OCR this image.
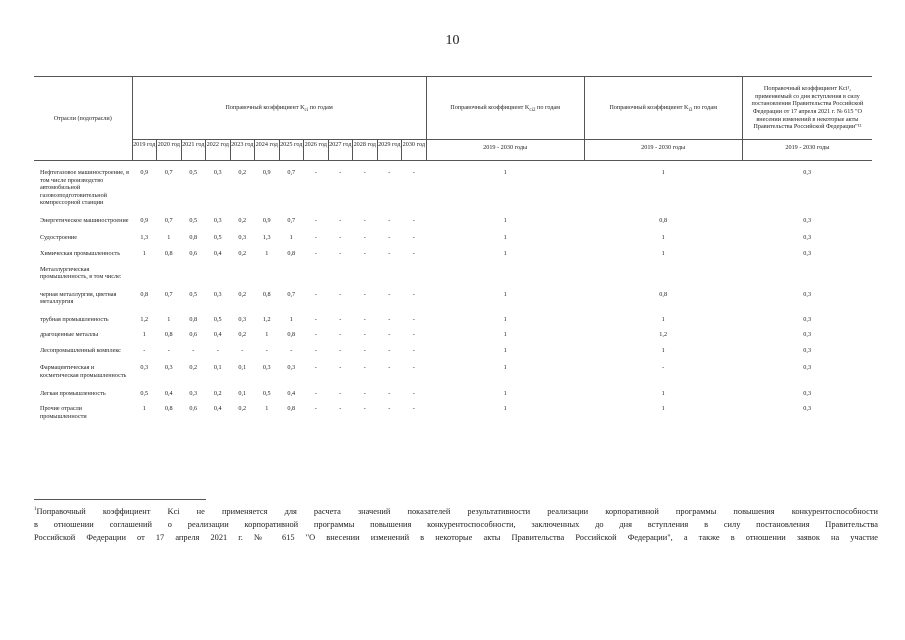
10
Отрасли (подотрасли)	Поправочный коэффициент $K_{ci}$ по годам												Поправочный коэффициент $K_{ci2}$ по годам	Поправочный коэффициент $K_{i3}$ по годам	Поправочный коэффициент Kci¹, применяемый со дня вступления в силу постановления Правительства Российской Федерации от 17 апреля 2021 г. № 615 "О внесении изменений в некоторые акты Правительства Российской Федерации"¹²
	2019 год	2020 год	2021 год	2022 год	2023 год	2024 год	2025 год	2026 год	2027 год	2028 год	2029 год	2030 год	2019 - 2030 годы	2019 - 2030 годы	2019 - 2030 годы
Нефтегазовое машиностроение, в том числе производство автомобильной газовозподготовительной компрессорной станции	0,9	0,7	0,5	0,3	0,2	0,9	0,7	-	-	-	-	-	1	1	0,3
Энергетическое машиностроение	0,9	0,7	0,5	0,3	0,2	0,9	0,7	-	-	-	-	-	1	0,8	0,3
Судостроение	1,3	1	0,8	0,5	0,3	1,3	1	-	-	-	-	-	1	1	0,3
Химическая промышленность	1	0,8	0,6	0,4	0,2	1	0,8	-	-	-	-	-	1	1	0,3
Металлургическая промышленность, в том числе:															
черная металлургия, цветная металлургия	0,8	0,7	0,5	0,3	0,2	0,8	0,7	-	-	-	-	-	1	0,8	0,3
трубная промышленность	1,2	1	0,8	0,5	0,3	1,2	1	-	-	-	-	-	1	1	0,3
драгоценные металлы	1	0,8	0,6	0,4	0,2	1	0,8	-	-	-	-	-	1	1,2	0,3
Лесопромышленный комплекс	-	-	-	-	-	-	-	-	-	-	-	-	1	1	0,3
Фармацевтическая и косметическая промышленность	0,3	0,3	0,2	0,1	0,1	0,3	0,3	-	-	-	-	-	1	-	0,3
Легкая промышленность	0,5	0,4	0,3	0,2	0,1	0,5	0,4	-	-	-	-	-	1	1	0,3
Прочие отрасли промышленности	1	0,8	0,6	0,4	0,2	1	0,8	-	-	-	-	-	1	1	0,3
$^1$Поправочный коэффициент Kci не применяется для расчета значений показателей результативности реализации корпоративной программы повышения конкурентоспособности
в отношении соглашений о реализации корпоративной программы повышения конкурентоспособности, заключенных до дня вступления в силу постановления Правительства
Российской Федерации от 17 апреля 2021 г. № 615 "О внесении изменений в некоторые акты Правительства Российской Федерации", а также в отношении заявок на участие
